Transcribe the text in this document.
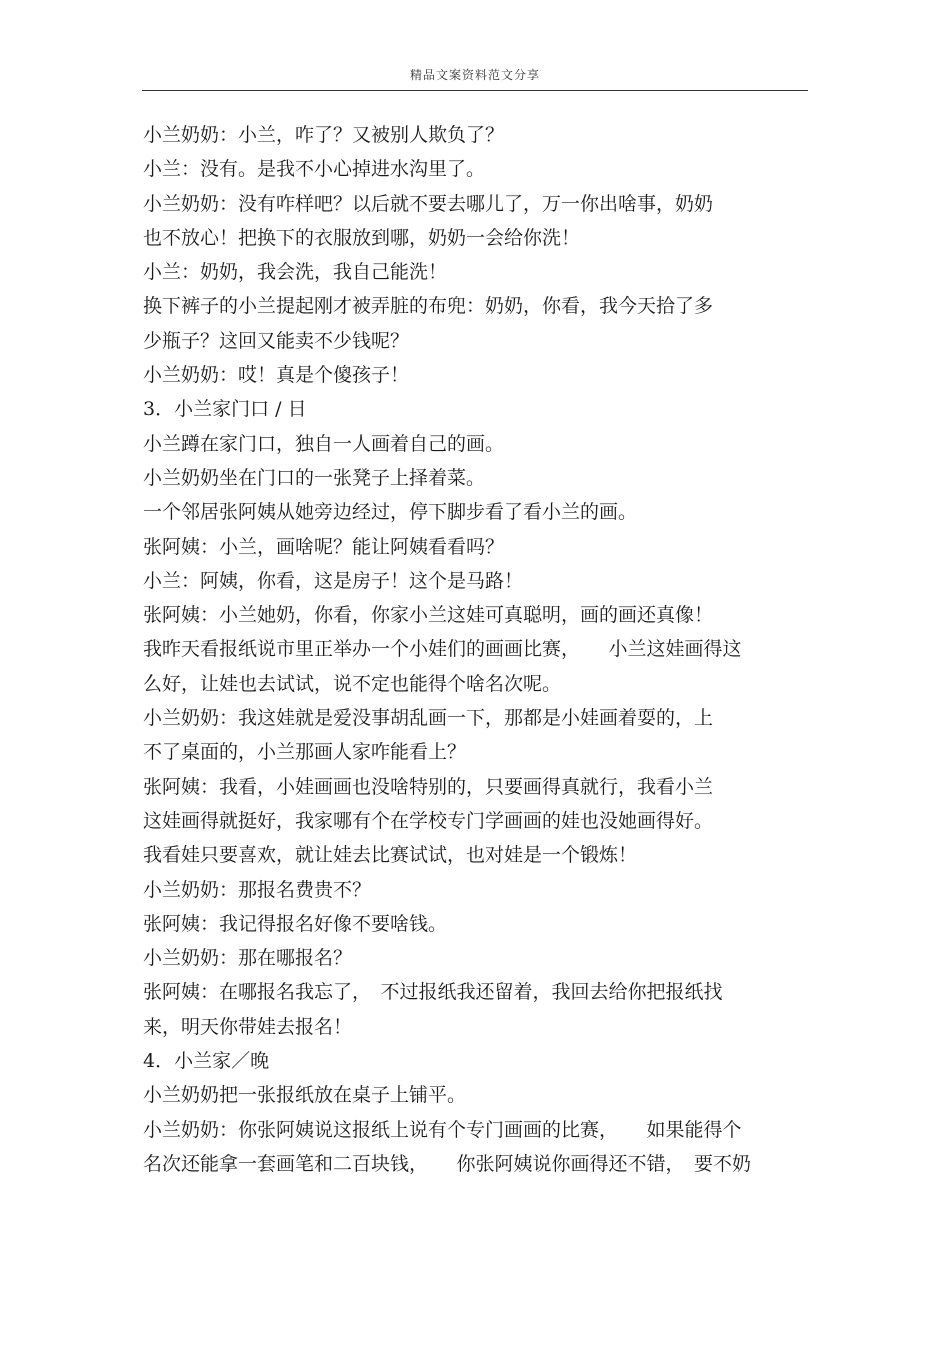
精品文案资料范文分享
小兰奶奶：小兰，咋了？又被别人欺负了？
小兰：没有。是我不小心掉进水沟里了。
小兰奶奶：没有咋样吧？以后就不要去哪儿了，万一你出啥事，奶奶
也不放心！把换下的衣服放到哪，奶奶一会给你洗！
小兰：奶奶，我会洗，我自己能洗！
换下裤子的小兰提起刚才被弄脏的布兜：奶奶，你看，我今天拾了多
少瓶子？这回又能卖不少钱呢？
小兰奶奶：哎！真是个傻孩子！
3．小兰家门口 / 日
小兰蹲在家门口，独自一人画着自己的画。
小兰奶奶坐在门口的一张凳子上择着菜。
一个邻居张阿姨从她旁边经过，停下脚步看了看小兰的画。
张阿姨：小兰，画啥呢？能让阿姨看看吗？
小兰：阿姨，你看，这是房子！这个是马路！
张阿姨：小兰她奶，你看，你家小兰这娃可真聪明，画的画还真像！
我昨天看报纸说市里正举办一个小娃们的画画比赛，　　小兰这娃画得这
么好，让娃也去试试，说不定也能得个啥名次呢。
小兰奶奶：我这娃就是爱没事胡乱画一下，那都是小娃画着耍的，上
不了桌面的，小兰那画人家咋能看上？
张阿姨：我看，小娃画画也没啥特别的，只要画得真就行，我看小兰
这娃画得就挺好，我家哪有个在学校专门学画画的娃也没她画得好。
我看娃只要喜欢，就让娃去比赛试试，也对娃是一个锻炼！
小兰奶奶：那报名费贵不？
张阿姨：我记得报名好像不要啥钱。
小兰奶奶：那在哪报名？
张阿姨：在哪报名我忘了，　不过报纸我还留着，我回去给你把报纸找
来，明天你带娃去报名！
4．小兰家／晚
小兰奶奶把一张报纸放在桌子上铺平。
小兰奶奶：你张阿姨说这报纸上说有个专门画画的比赛，　　如果能得个
名次还能拿一套画笔和二百块钱，　　你张阿姨说你画得还不错，　要不奶
